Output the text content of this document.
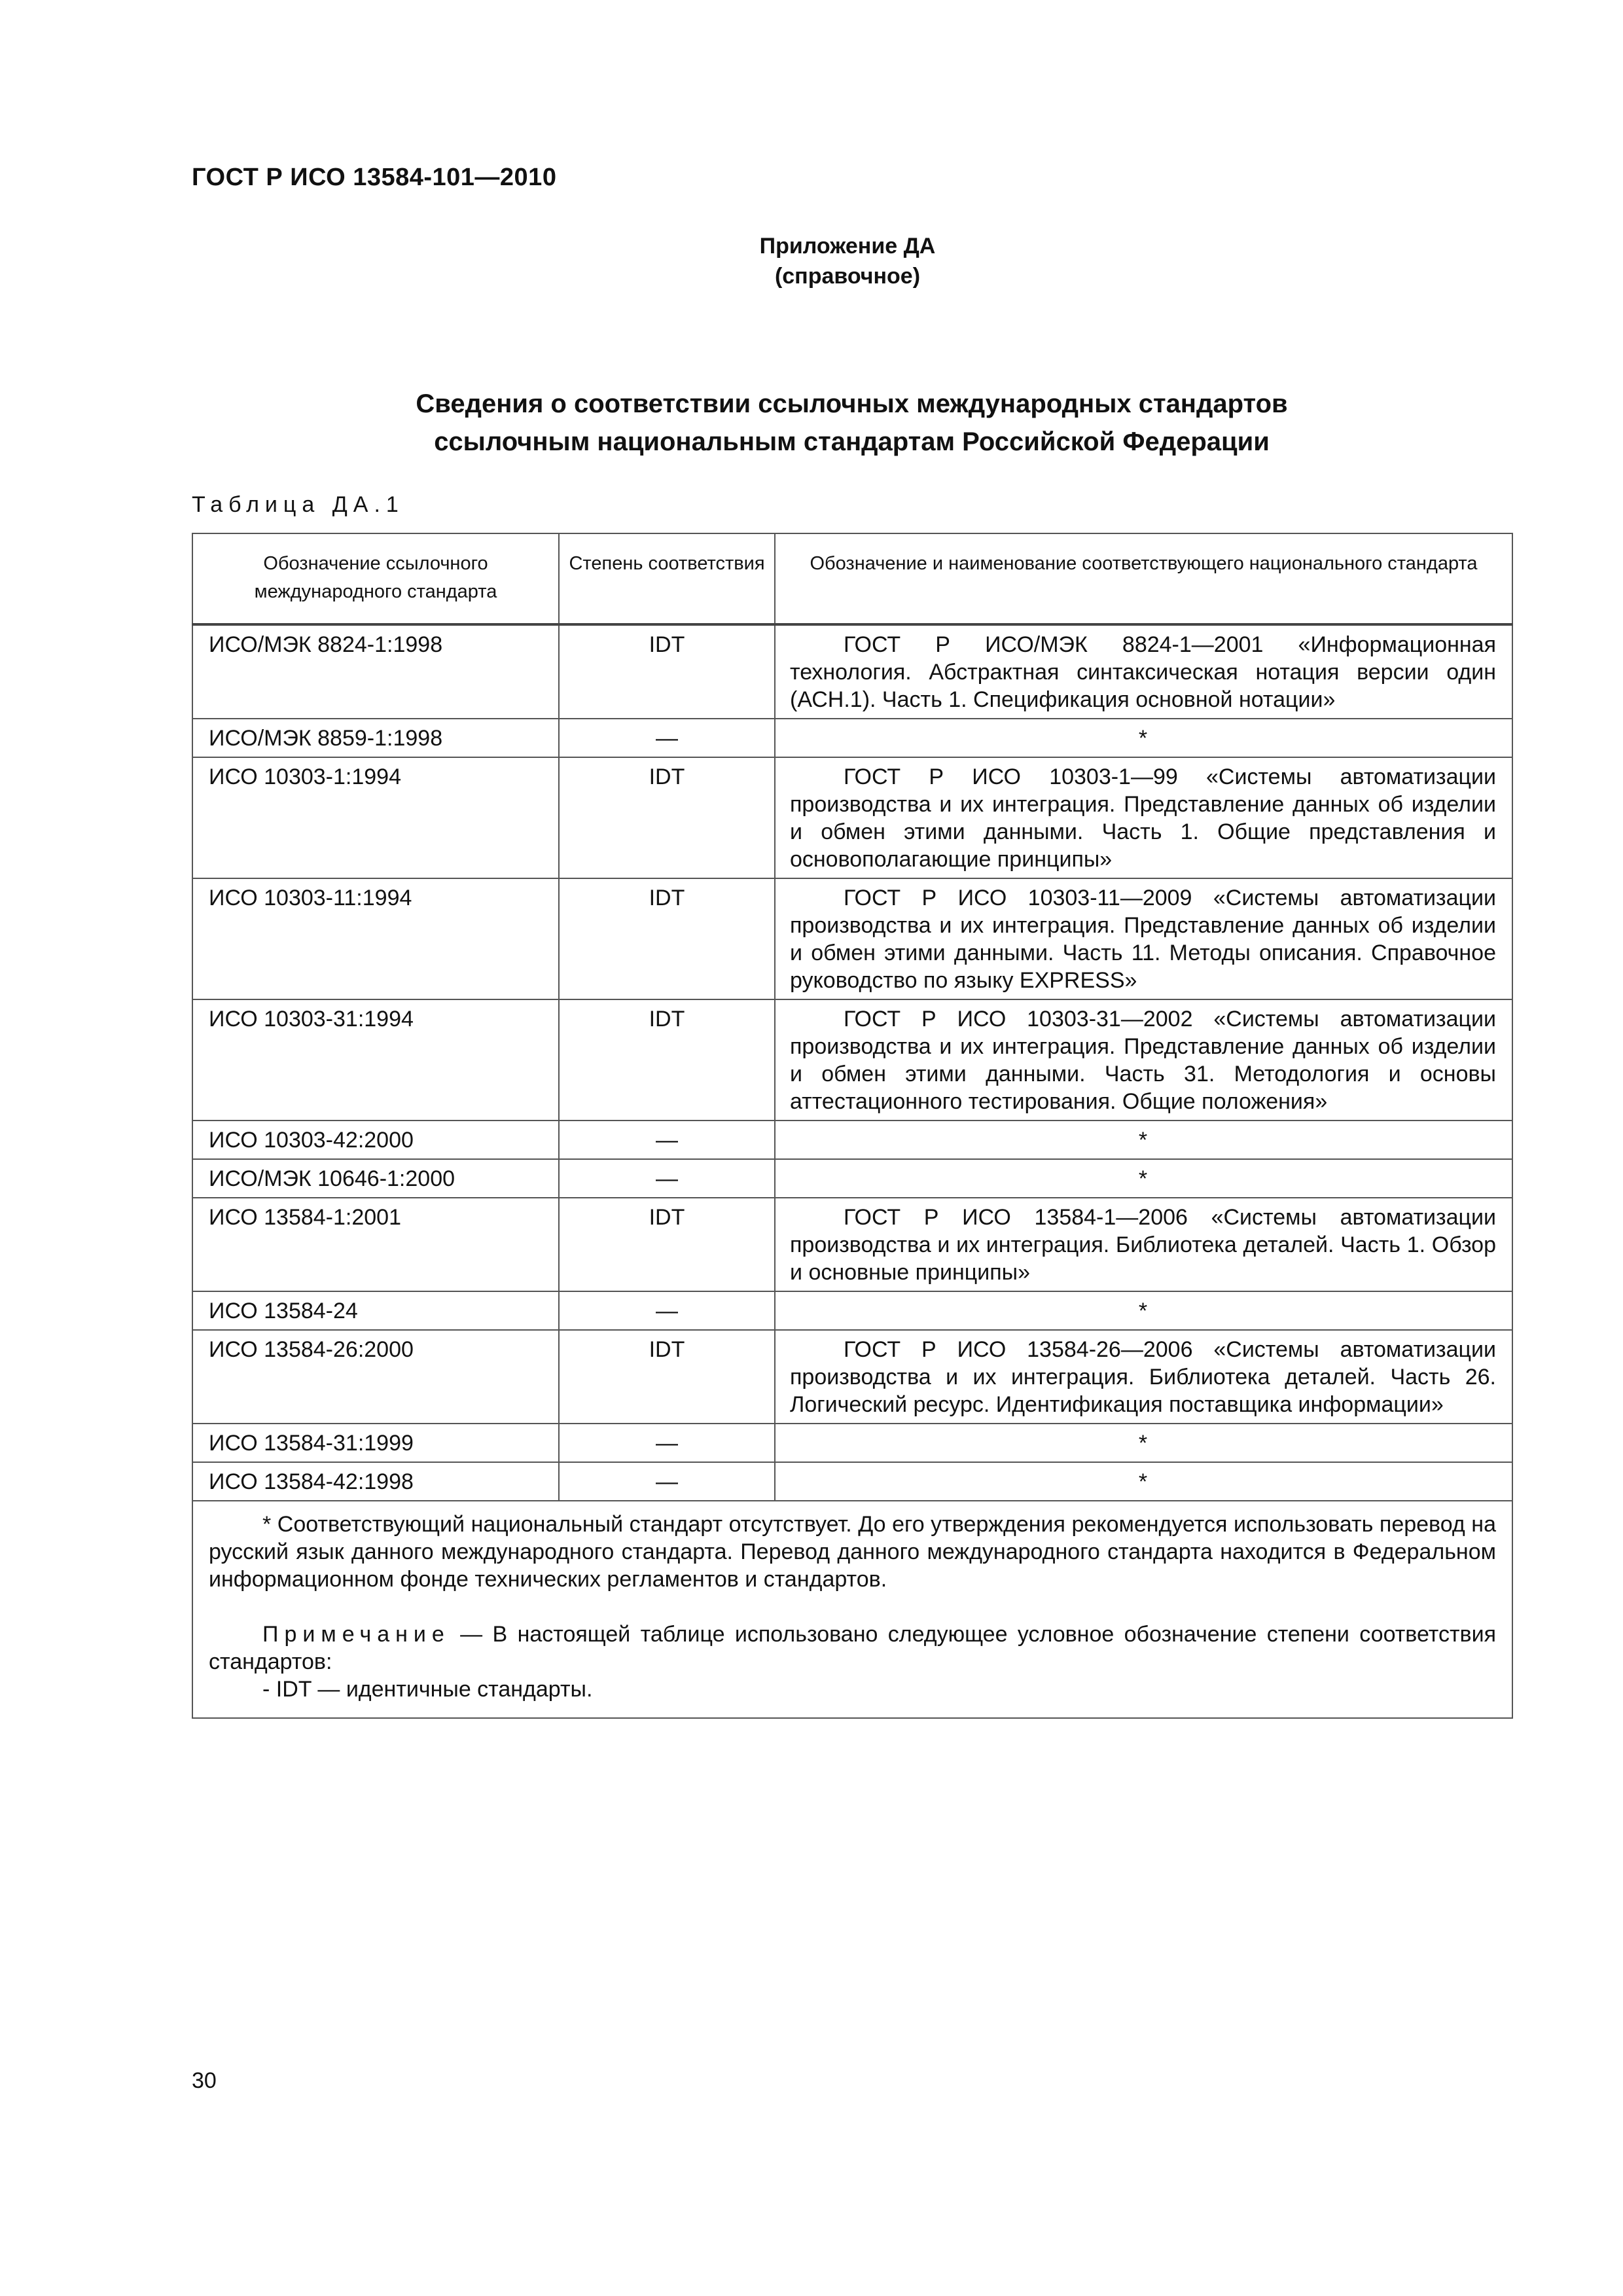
ГОСТ Р ИСО 13584-101—2010
Приложение ДА
(справочное)
Сведения о соответствии ссылочных международных стандартов
ссылочным национальным стандартам Российской Федерации
Таблица ДА.1
Обозначение ссылочного международного стандарта	Степень соответствия	Обозначение и наименование соответствующего национального стандарта
ИСО/МЭК 8824-1:1998	IDT	ГОСТ Р ИСО/МЭК 8824-1—2001 «Информационная технология. Абстрактная синтаксическая нотация версии один (АСН.1). Часть 1. Спецификация основной нотации»
ИСО/МЭК 8859-1:1998	—	*
ИСО 10303-1:1994	IDT	ГОСТ Р ИСО 10303-1—99 «Системы автоматизации производства и их интеграция. Представление данных об изделии и обмен этими данными. Часть 1. Общие представления и основополагающие принципы»
ИСО 10303-11:1994	IDT	ГОСТ Р ИСО 10303-11—2009 «Системы автоматизации производства и их интеграция. Представление данных об изделии и обмен этими данными. Часть 11. Методы описания. Справочное руководство по языку EXPRESS»
ИСО 10303-31:1994	IDT	ГОСТ Р ИСО 10303-31—2002 «Системы автоматизации производства и их интеграция. Представление данных об изделии и обмен этими данными. Часть 31. Методология и основы аттестационного тестирования. Общие положения»
ИСО 10303-42:2000	—	*
ИСО/МЭК 10646-1:2000	—	*
ИСО 13584-1:2001	IDT	ГОСТ Р ИСО 13584-1—2006 «Системы автоматизации производства и их интеграция. Библиотека деталей. Часть 1. Обзор и основные принципы»
ИСО 13584-24	—	*
ИСО 13584-26:2000	IDT	ГОСТ Р ИСО 13584-26—2006 «Системы автоматизации производства и их интеграция. Библиотека деталей. Часть 26. Логический ресурс. Идентификация поставщика информации»
ИСО 13584-31:1999	—	*
ИСО 13584-42:1998	—	*

* Соответствующий национальный стандарт отсутствует. До его утверждения рекомендуется использовать перевод на русский язык данного международного стандарта. Перевод данного международного стандарта находится в Федеральном информационном фонде технических регламентов и стандартов.

Примечание — В настоящей таблице использовано следующее условное обозначение степени соответствия стандартов:

- IDT — идентичные стандарты.		

30
